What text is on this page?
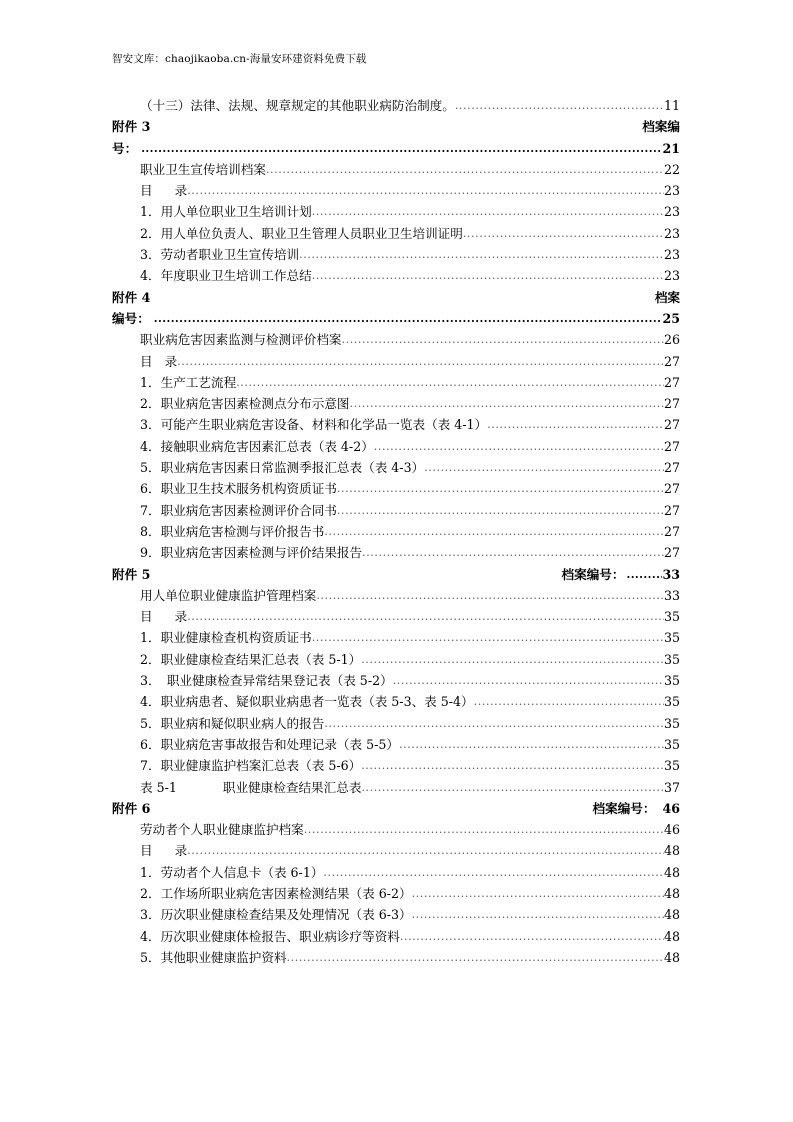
智安文库：chaojikaoba.cn-海量安环建资料免费下载
（十三）法律、法规、规章规定的其他职业病防治制度。 .....	11
附件 3	档案编
号： .....	21
职业卫生宣传培训档案 .....	22
目 录 .....	23
1．用人单位职业卫生培训计划 .....	23
2．用人单位负责人、职业卫生管理人员职业卫生培训证明 .....	23
3．劳动者职业卫生宣传培训 .....	23
4．年度职业卫生培训工作总结 .....	23
附件 4	档案
编号： .....	25
职业病危害因素监测与检测评价档案 .....	26
目 录 .....	27
1．生产工艺流程 .....	27
2．职业病危害因素检测点分布示意图 .....	27
3．可能产生职业病危害设备、材料和化学品一览表（表 4-1） .....	27
4．接触职业病危害因素汇总表（表 4-2） .....	27
5．职业病危害因素日常监测季报汇总表（表 4-3） .....	27
6．职业卫生技术服务机构资质证书 .....	27
7．职业病危害因素检测评价合同书 .....	27
8．职业病危害检测与评价报告书 .....	27
9．职业病危害因素检测与评价结果报告 .....	27
附件 5	档案编号： .....	33
用人单位职业健康监护管理档案 .....	33
目 录 .....	35
1．职业健康检查机构资质证书 .....	35
2．职业健康检查结果汇总表（表 5-1） .....	35
3．　职业健康检查异常结果登记表（表 5-2） .....	35
4．职业病患者、疑似职业病患者一览表（表 5-3、表 5-4） .....	35
5．职业病和疑似职业病人的报告 .....	35
6．职业病危害事故报告和处理记录（表 5-5） .....	35
7．职业健康监护档案汇总表（表 5-6） .....	35
表 5-1	职业健康检查结果汇总表 .....	37
附件 6	档案编号： 46
劳动者个人职业健康监护档案 .....	46
目 录 .....	48
1．劳动者个人信息卡（表 6-1） .....	48
2．工作场所职业病危害因素检测结果（表 6-2） .....	48
3．历次职业健康检查结果及处理情况（表 6-3） .....	48
4．历次职业健康体检报告、职业病诊疗等资料 .....	48
5．其他职业健康监护资料 .....	48
